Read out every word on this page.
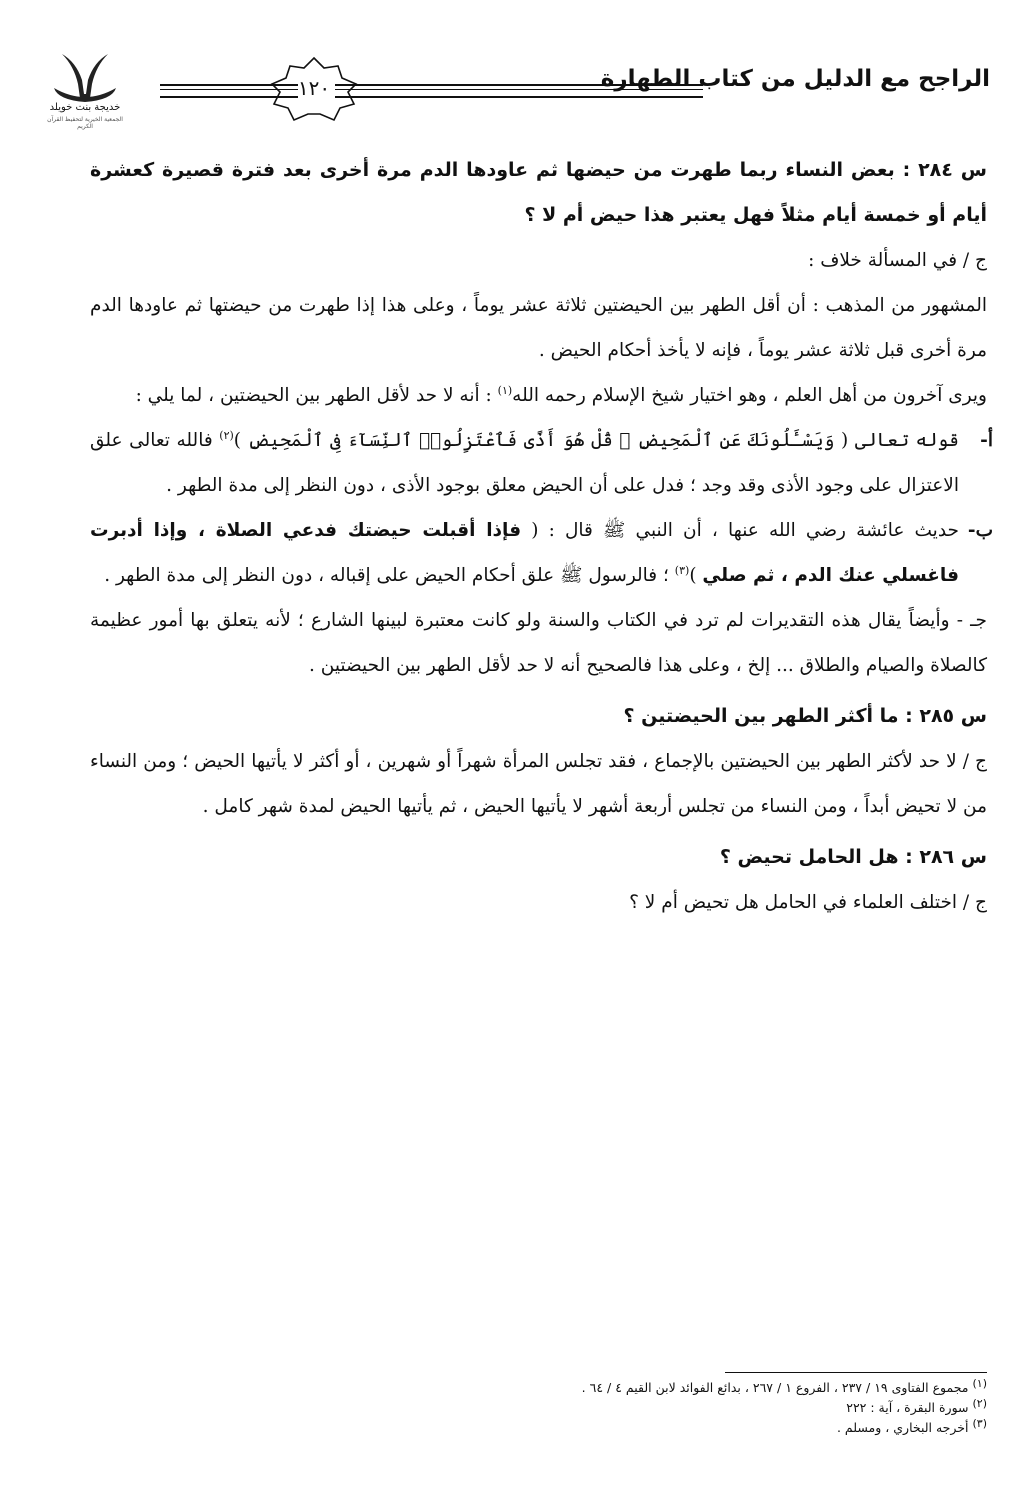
الراجح مع الدليل من كتاب الطهارة
١٢٠
خديجة بنت خويلد
الجمعية الخيرية لتحفيظ القرآن الكريم

س ٢٨٤ : بعض النساء ربما طهرت من حيضها ثم عاودها الدم مرة أخرى بعد فترة قصيرة كعشرة أيام أو خمسة أيام مثلاً فهل يعتبر هذا حيض أم لا ؟

ج / في المسألة خلاف :

المشهور من المذهب : أن أقل الطهر بين الحيضتين ثلاثة عشر يوماً ، وعلى هذا إذا طهرت من حيضتها ثم عاودها الدم مرة أخرى قبل ثلاثة عشر يوماً ، فإنه لا يأخذ أحكام الحيض .

ويرى آخرون من أهل العلم ، وهو اختيار شيخ الإسلام رحمه الله$^{(١)}$ : أنه لا حد لأقل الطهر بين الحيضتين ، لما يلي :

أ-
قوله تعالى ( وَيَسْـَٔلُونَكَ عَنِ ٱلْمَحِيضِ ۖ قُلْ هُوَ أَذًى فَٱعْتَزِلُوا۟ ٱلنِّسَآءَ فِى ٱلْمَحِيضِ )$^{(٢)}$ فالله تعالى علق الاعتزال على وجود الأذى وقد وجد ؛ فدل على أن الحيض معلق بوجود الأذى ، دون النظر إلى مدة الطهر .

ب-
حديث عائشة رضي الله عنها ، أن النبي ﷺ قال : ( فإذا أقبلت حيضتك فدعي الصلاة ، وإذا أدبرت فاغسلي عنك الدم ، ثم صلي )$^{(٣)}$ ؛ فالرسول ﷺ علق أحكام الحيض على إقباله ، دون النظر إلى مدة الطهر .

جـ - وأيضاً يقال هذه التقديرات لم ترد في الكتاب والسنة ولو كانت معتبرة لبينها الشارع ؛ لأنه يتعلق بها أمور عظيمة كالصلاة والصيام والطلاق ... إلخ ، وعلى هذا فالصحيح أنه لا حد لأقل الطهر بين الحيضتين .

س ٢٨٥ : ما أكثر الطهر بين الحيضتين ؟

ج / لا حد لأكثر الطهر بين الحيضتين بالإجماع ، فقد تجلس المرأة شهراً أو شهرين ، أو أكثر لا يأتيها الحيض ؛ ومن النساء من لا تحيض أبداً ، ومن النساء من تجلس أربعة أشهر لا يأتيها الحيض ، ثم يأتيها الحيض لمدة شهر كامل .

س ٢٨٦ : هل الحامل تحيض ؟

ج / اختلف العلماء في الحامل هل تحيض أم لا ؟

(١) مجموع الفتاوى ١٩ / ٢٣٧ ، الفروع ١ / ٢٦٧ ، بدائع الفوائد لابن القيم ٤ / ٦٤ .
(٢) سورة البقرة ، آية : ٢٢٢
(٣) أخرجه البخاري ، ومسلم .
